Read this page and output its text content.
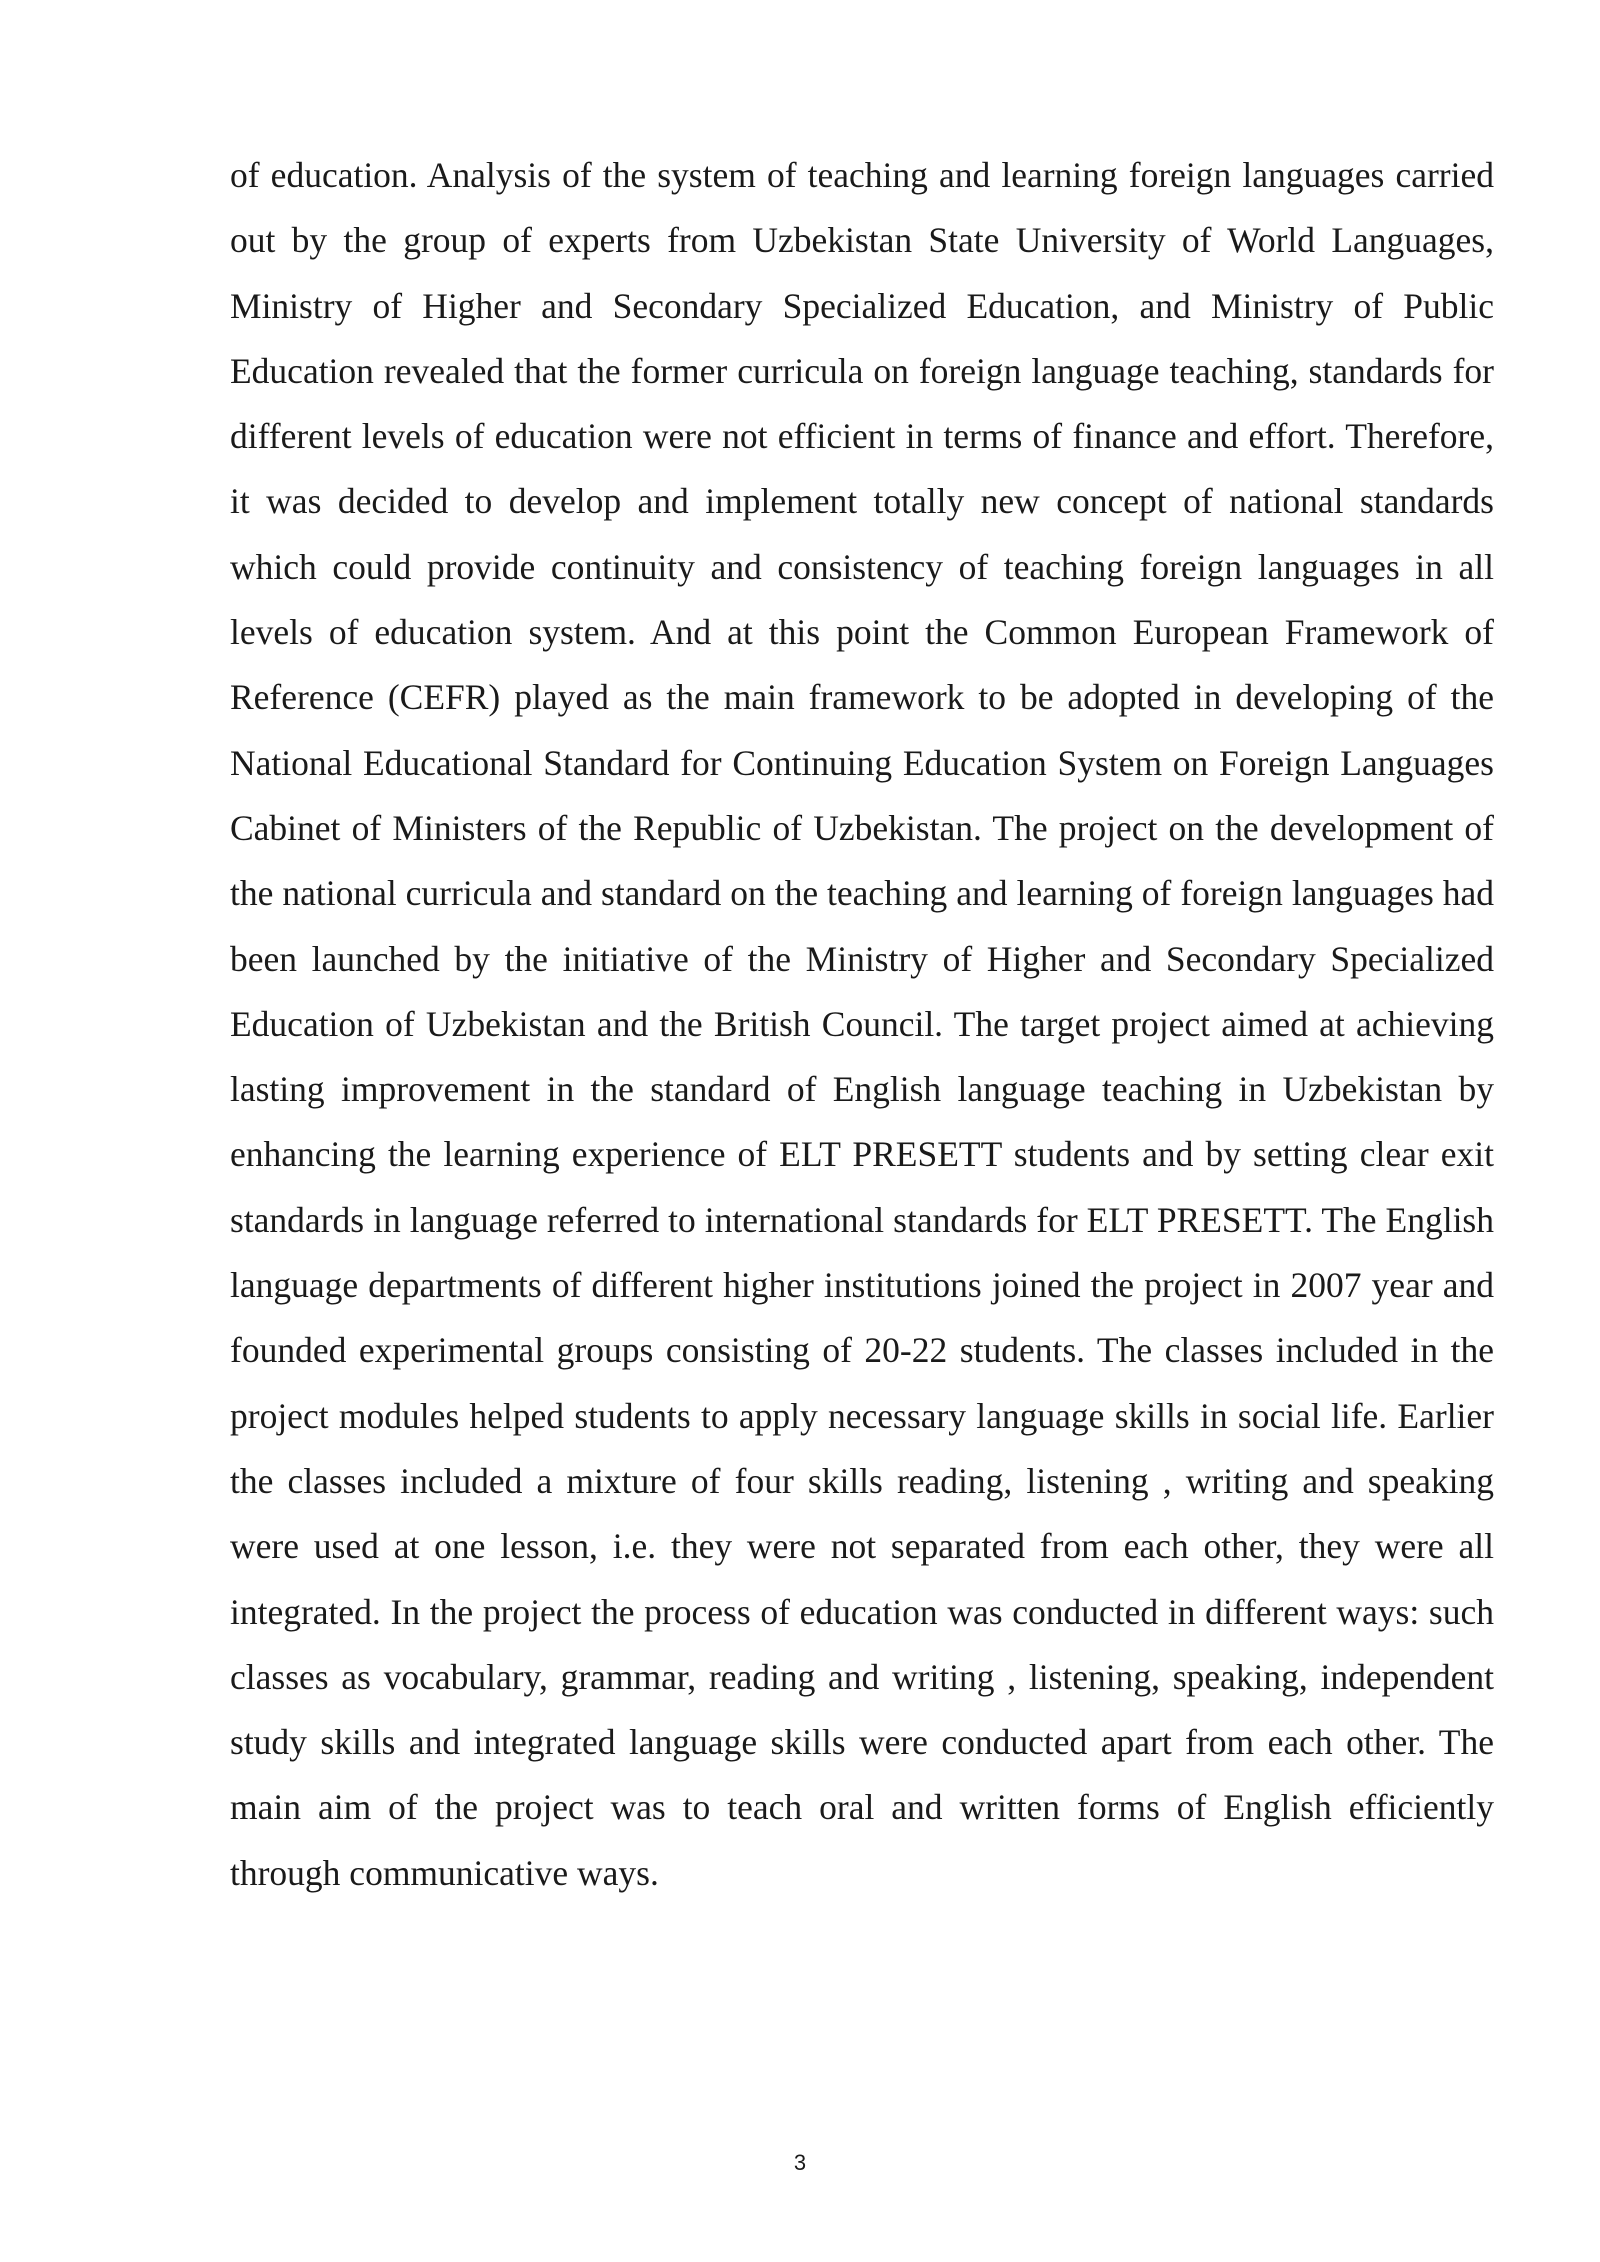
of education. Analysis of the system of teaching and learning foreign languages carried out by the group of experts from Uzbekistan State University of World Languages, Ministry of Higher and Secondary Specialized Education, and Ministry of Public Education revealed that the former curricula on foreign language teaching, standards for different levels of education were not efficient in terms of finance and effort. Therefore, it was decided to develop and implement totally new concept of national standards which could provide continuity and consistency of teaching foreign languages in all levels of education system. And at this point the Common European Framework of Reference (CEFR) played as the main framework to be adopted in developing of the National Educational Standard for Continuing Education System on Foreign Languages Cabinet of Ministers of the Republic of Uzbekistan. The project on the development of the national curricula and standard on the teaching and learning of foreign languages had been launched by the initiative of the Ministry of Higher and Secondary Specialized Education of Uzbekistan and the British Council. The target project aimed at achieving lasting improvement in the standard of English language teaching in Uzbekistan by enhancing the learning experience of ELT PRESETT students and by setting clear exit standards in language referred to international standards for ELT PRESETT. The English language departments of different higher institutions joined the project in 2007 year and founded experimental groups consisting of 20-22 students. The classes included in the project modules helped students to apply necessary language skills in social life. Earlier the classes included a mixture of four skills reading, listening , writing and speaking were used at one lesson, i.e. they were not separated from each other, they were all integrated. In the project the process of education was conducted in different ways: such classes as vocabulary, grammar, reading and writing , listening, speaking, independent study skills and integrated language skills were conducted apart from each other. The main aim of the project was to teach oral and written forms of English efficiently through communicative ways.

3
